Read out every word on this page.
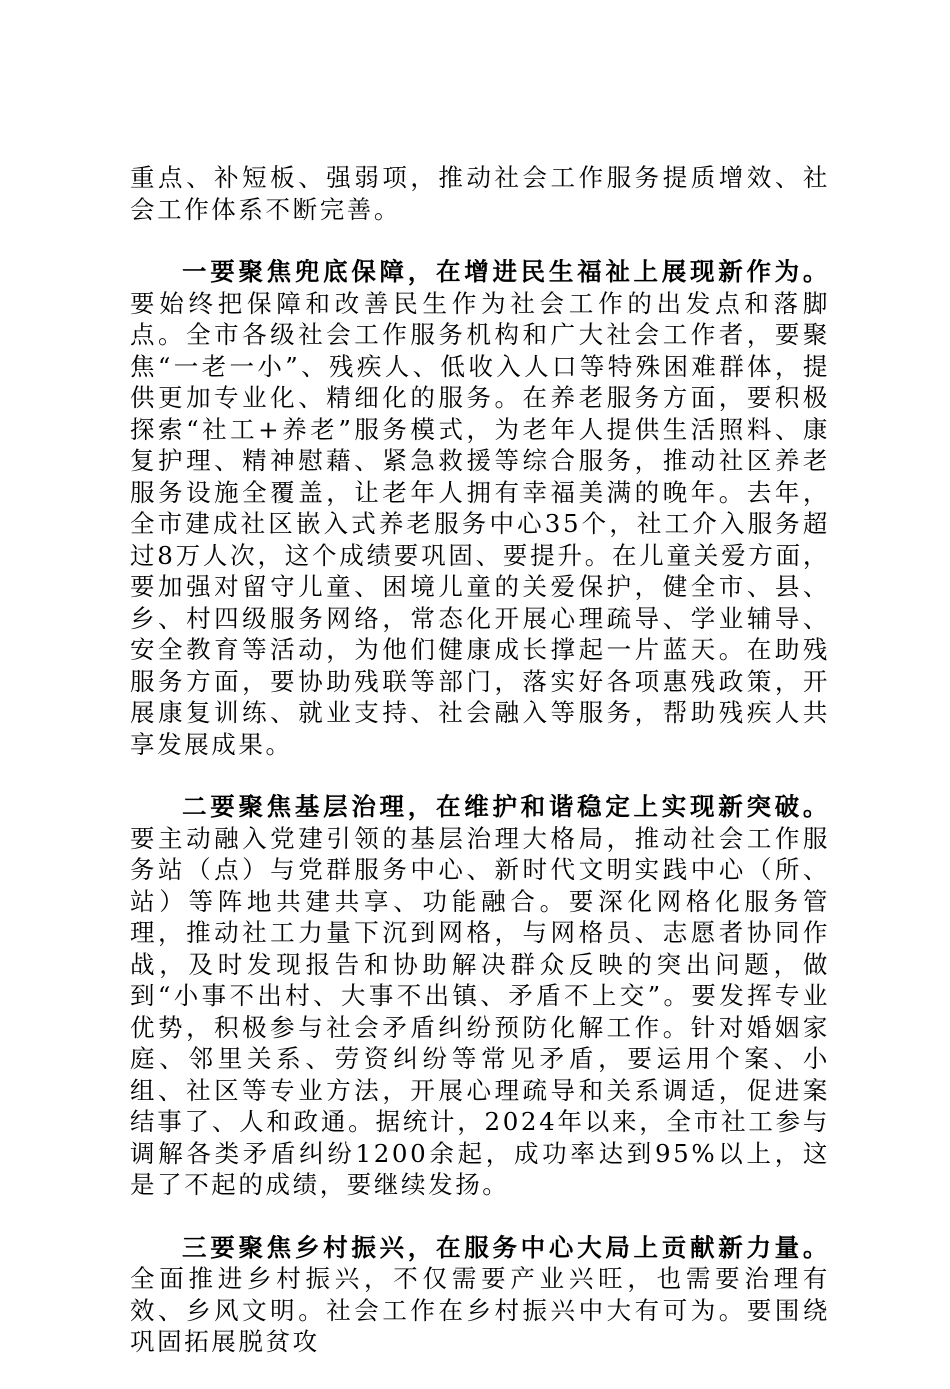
重点、补短板、强弱项，推动社会工作服务提质增效、社会工作体系不断完善。

一要聚焦兜底保障，在增进民生福祉上展现新作为。要始终把保障和改善民生作为社会工作的出发点和落脚点。全市各级社会工作服务机构和广大社会工作者，要聚焦“一老一小”、残疾人、低收入人口等特殊困难群体，提供更加专业化、精细化的服务。在养老服务方面，要积极探索“社工+养老”服务模式，为老年人提供生活照料、康复护理、精神慰藉、紧急救援等综合服务，推动社区养老服务设施全覆盖，让老年人拥有幸福美满的晚年。去年，全市建成社区嵌入式养老服务中心35个，社工介入服务超过8万人次，这个成绩要巩固、要提升。在儿童关爱方面，要加强对留守儿童、困境儿童的关爱保护，健全市、县、乡、村四级服务网络，常态化开展心理疏导、学业辅导、安全教育等活动，为他们健康成长撑起一片蓝天。在助残服务方面，要协助残联等部门，落实好各项惠残政策，开展康复训练、就业支持、社会融入等服务，帮助残疾人共享发展成果。

二要聚焦基层治理，在维护和谐稳定上实现新突破。要主动融入党建引领的基层治理大格局，推动社会工作服务站（点）与党群服务中心、新时代文明实践中心（所、站）等阵地共建共享、功能融合。要深化网格化服务管理，推动社工力量下沉到网格，与网格员、志愿者协同作战，及时发现报告和协助解决群众反映的突出问题，做到“小事不出村、大事不出镇、矛盾不上交”。要发挥专业优势，积极参与社会矛盾纠纷预防化解工作。针对婚姻家庭、邻里关系、劳资纠纷等常见矛盾，要运用个案、小组、社区等专业方法，开展心理疏导和关系调适，促进案结事了、人和政通。据统计，2024年以来，全市社工参与调解各类矛盾纠纷1200余起，成功率达到95%以上，这是了不起的成绩，要继续发扬。

三要聚焦乡村振兴，在服务中心大局上贡献新力量。全面推进乡村振兴，不仅需要产业兴旺，也需要治理有效、乡风文明。社会工作在乡村振兴中大有可为。要围绕巩固拓展脱贫攻
